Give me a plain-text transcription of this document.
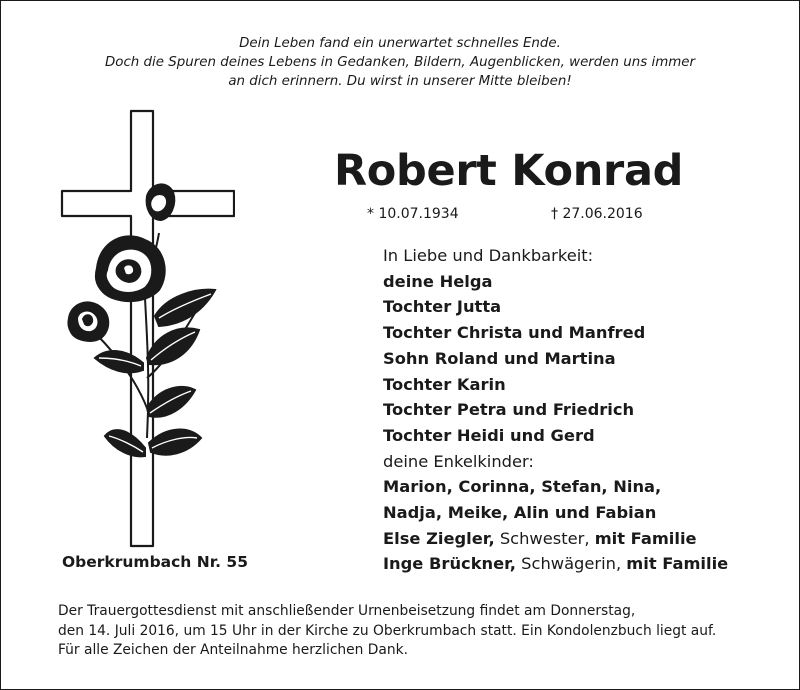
Dein Leben fand ein unerwartet schnelles Ende.
Doch die Spuren deines Lebens in Gedanken, Bildern, Augenblicken, werden uns immer
an dich erinnern. Du wirst in unserer Mitte bleiben!
Robert Konrad
* 10.07.1934	† 27.06.2016
In Liebe und Dankbarkeit:
deine Helga
Tochter Jutta
Tochter Christa und Manfred
Sohn Roland und Martina
Tochter Karin
Tochter Petra und Friedrich
Tochter Heidi und Gerd
deine Enkelkinder:
Marion, Corinna, Stefan, Nina,
Nadja, Meike, Alin und Fabian
Else Ziegler, Schwester, mit Familie
Inge Brückner, Schwägerin, mit Familie
Oberkrumbach Nr. 55
Der Trauergottesdienst mit anschließender Urnenbeisetzung findet am Donnerstag,
den 14. Juli 2016, um 15 Uhr in der Kirche zu Oberkrumbach statt. Ein Kondolenzbuch liegt auf.
Für alle Zeichen der Anteilnahme herzlichen Dank.
